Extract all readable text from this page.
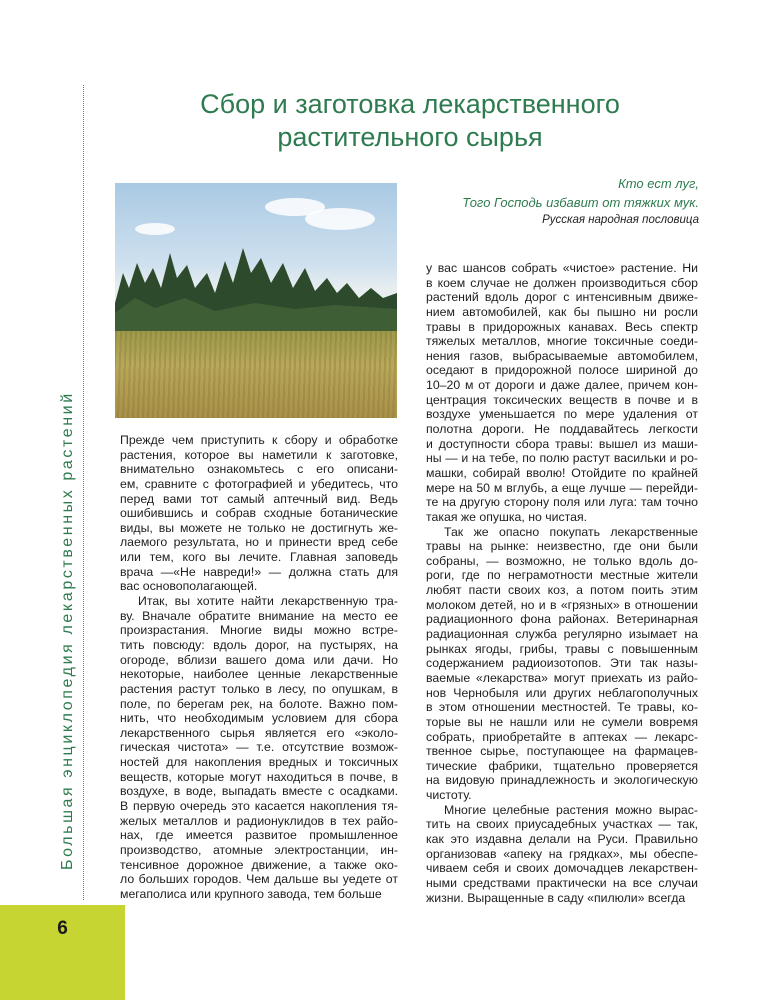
Большая энциклопедия лекарственных растений
6
Сбор и заготовка лекарственного
растительного сырья
Кто ест луг,
Того Господь избавит от тяжких мук.
Русская народная пословица
Прежде чем приступить к сбору и обработке
растения, которое вы наметили к заготовке,
внимательно ознакомьтесь с его описани-
ем, сравните с фотографией и убедитесь, что
перед вами тот самый аптечный вид. Ведь
ошибившись и собрав сходные ботанические
виды, вы можете не только не достигнуть же-
лаемого результата, но и принести вред себе
или тем, кого вы лечите. Главная заповедь
врача —«Не навреди!» — должна стать для
вас основополагающей.
Итак, вы хотите найти лекарственную тра-
ву. Вначале обратите внимание на место ее
произрастания. Многие виды можно встре-
тить повсюду: вдоль дорог, на пустырях, на
огороде, вблизи вашего дома или дачи. Но
некоторые, наиболее ценные лекарственные
растения растут только в лесу, по опушкам, в
поле, по берегам рек, на болоте. Важно пом-
нить, что необходимым условием для сбора
лекарственного сырья является его «эколо-
гическая чистота» — т.е. отсутствие возмож-
ностей для накопления вредных и токсичных
веществ, которые могут находиться в почве, в
воздухе, в воде, выпадать вместе с осадками.
В первую очередь это касается накопления тя-
желых металлов и радионуклидов в тех райо-
нах, где имеется развитое промышленное
производство, атомные электростанции, ин-
тенсивное дорожное движение, а также око-
ло больших городов. Чем дальше вы уедете от
мегаполиса или крупного завода, тем больше
у вас шансов собрать «чистое» растение. Ни
в коем случае не должен производиться сбор
растений вдоль дорог с интенсивным движе-
нием автомобилей, как бы пышно ни росли
травы в придорожных канавах. Весь спектр
тяжелых металлов, многие токсичные соеди-
нения газов, выбрасываемые автомобилем,
оседают в придорожной полосе шириной до
10–20 м от дороги и даже далее, причем кон-
центрация токсических веществ в почве и в
воздухе уменьшается по мере удаления от
полотна дороги. Не поддавайтесь легкости
и доступности сбора травы: вышел из маши-
ны — и на тебе, по полю растут васильки и ро-
машки, собирай вволю! Отойдите по крайней
мере на 50 м вглубь, а еще лучше — перейди-
те на другую сторону поля или луга: там точно
такая же опушка, но чистая.
Так же опасно покупать лекарственные
травы на рынке: неизвестно, где они были
собраны, — возможно, не только вдоль до-
роги, где по неграмотности местные жители
любят пасти своих коз, а потом поить этим
молоком детей, но и в «грязных» в отношении
радиационного фона районах. Ветеринарная
радиационная служба регулярно изымает на
рынках ягоды, грибы, травы с повышенным
содержанием радиоизотопов. Эти так назы-
ваемые «лекарства» могут приехать из райо-
нов Чернобыля или других неблагополучных
в этом отношении местностей. Те травы, ко-
торые вы не нашли или не сумели вовремя
собрать, приобретайте в аптеках — лекарс-
твенное сырье, поступающее на фармацев-
тические фабрики, тщательно проверяется
на видовую принадлежность и экологическую
чистоту.
Многие целебные растения можно вырас-
тить на своих приусадебных участках — так,
как это издавна делали на Руси. Правильно
организовав «апеку на грядках», мы обеспе-
чиваем себя и своих домочадцев лекарствен-
ными средствами практически на все случаи
жизни. Выращенные в саду «пилюли» всегда
